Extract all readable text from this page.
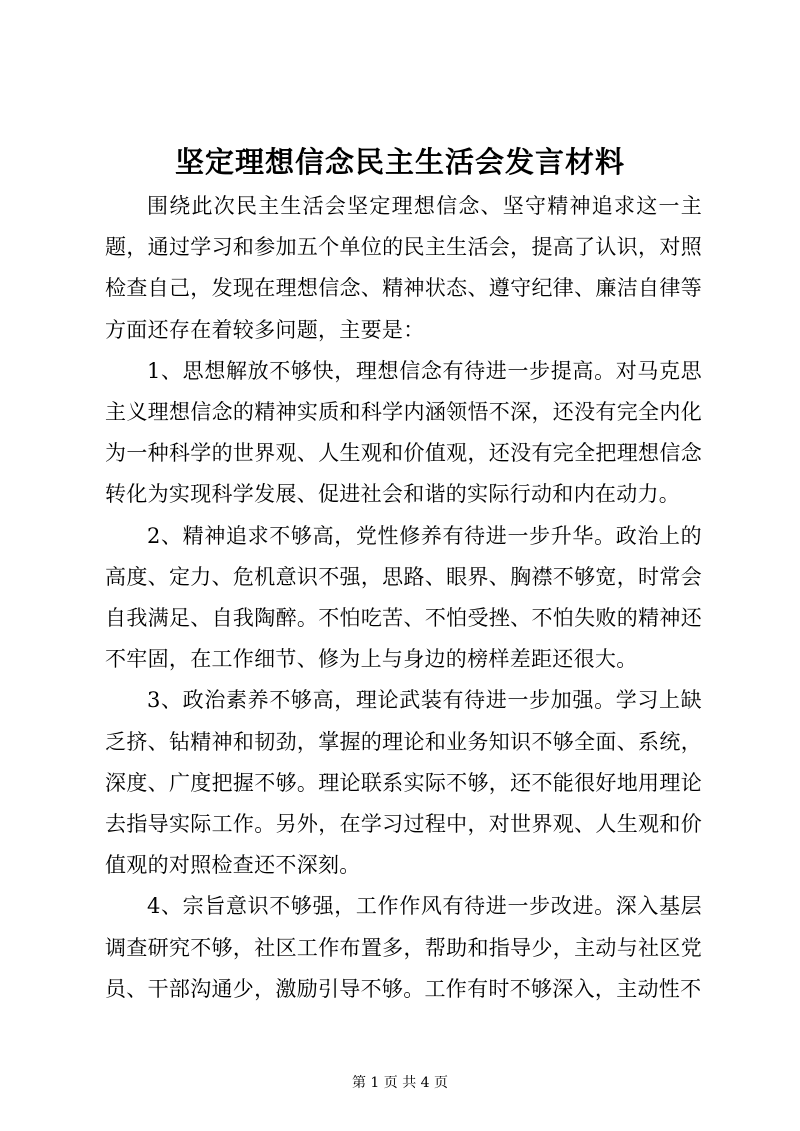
坚定理想信念民主生活会发言材料

围绕此次民主生活会坚定理想信念、坚守精神追求这一主题，通过学习和参加五个单位的民主生活会，提高了认识，对照检查自己，发现在理想信念、精神状态、遵守纪律、廉洁自律等方面还存在着较多问题，主要是：

1、思想解放不够快，理想信念有待进一步提高。对马克思主义理想信念的精神实质和科学内涵领悟不深，还没有完全内化为一种科学的世界观、人生观和价值观，还没有完全把理想信念转化为实现科学发展、促进社会和谐的实际行动和内在动力。

2、精神追求不够高，党性修养有待进一步升华。政治上的高度、定力、危机意识不强，思路、眼界、胸襟不够宽，时常会自我满足、自我陶醉。不怕吃苦、不怕受挫、不怕失败的精神还不牢固，在工作细节、修为上与身边的榜样差距还很大。

3、政治素养不够高，理论武装有待进一步加强。学习上缺乏挤、钻精神和韧劲，掌握的理论和业务知识不够全面、系统，深度、广度把握不够。理论联系实际不够，还不能很好地用理论去指导实际工作。另外，在学习过程中，对世界观、人生观和价值观的对照检查还不深刻。

4、宗旨意识不够强，工作作风有待进一步改进。深入基层调查研究不够，社区工作布置多，帮助和指导少，主动与社区党员、干部沟通少，激励引导不够。工作有时不够深入，主动性不

第 1 页 共 4 页
